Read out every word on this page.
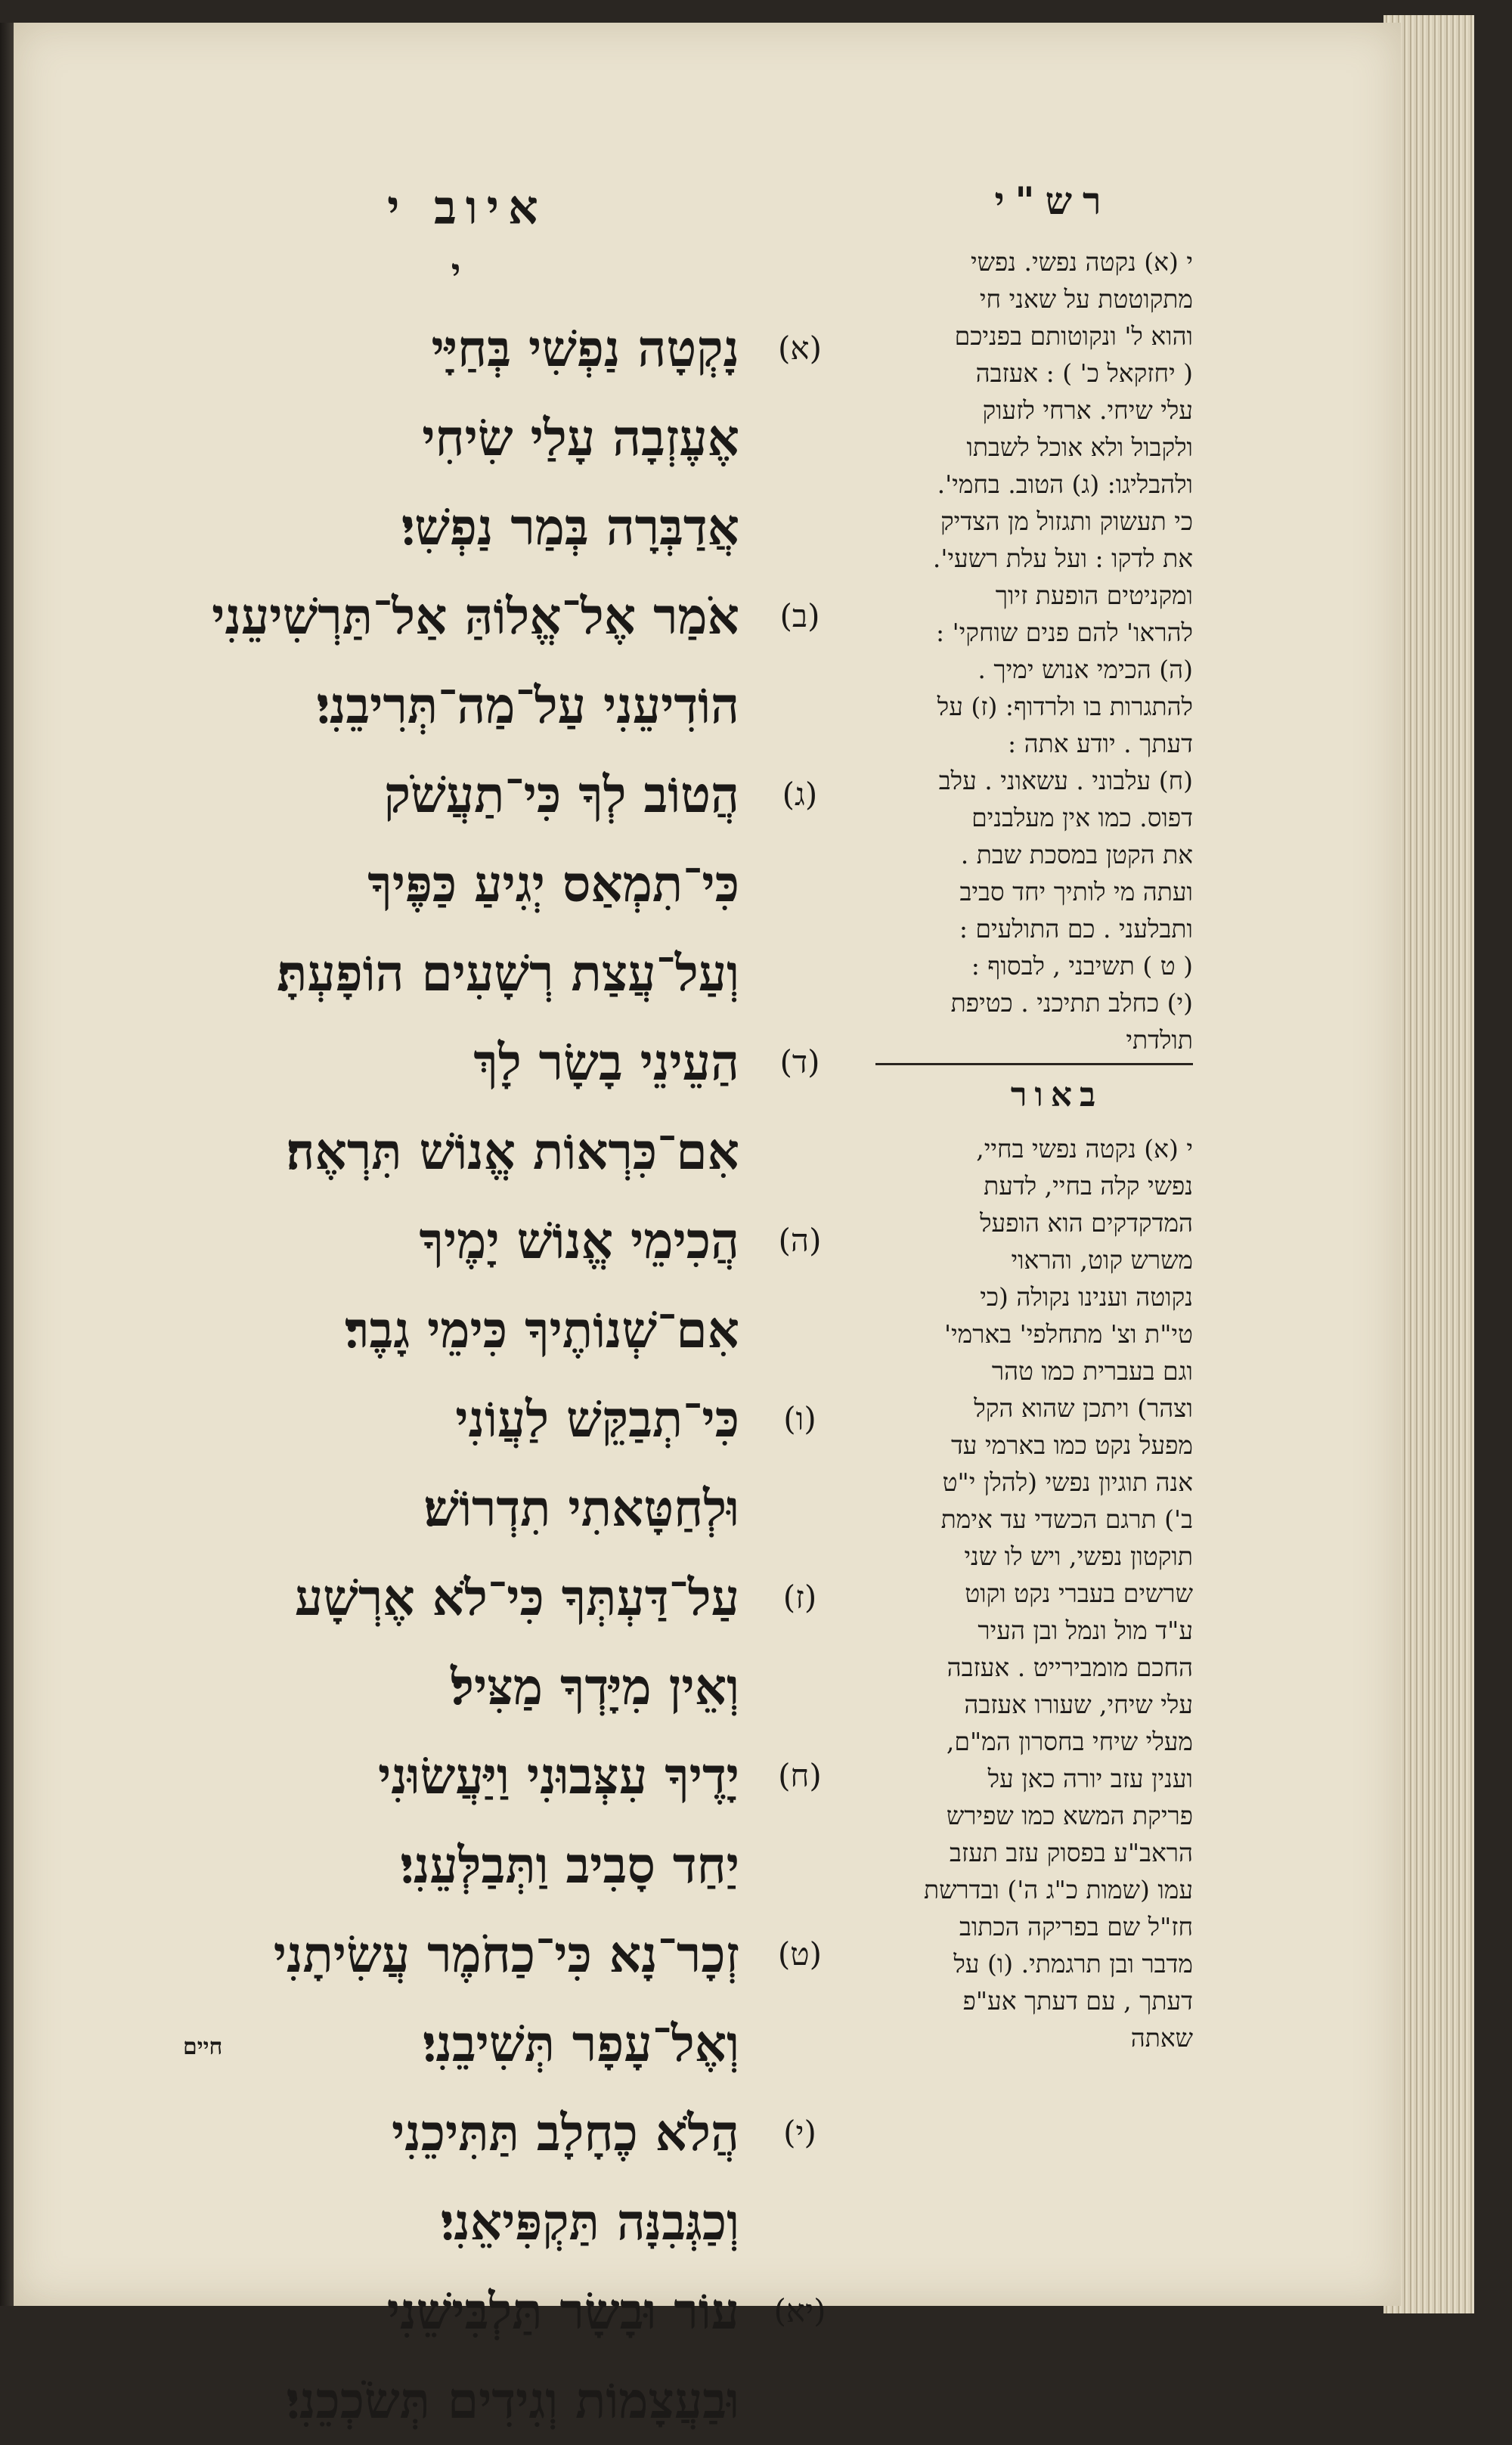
איוב י
י
(א)
נָקְטָה נַפְשִׁי בְּחַיָּי
אֶעֶזְבָה עָלַי שִׂיחִי
אֲדַבְּרָה בְּמַר נַפְשִׁי׃
(ב)
אֹמַר אֶל־אֱלוֹהַּ אַל־תַּרְשִׁיעֵנִי
הוֹדִיעֵנִי עַל־מַה־תְּרִיבֵנִי׃
(ג)
הֲטוֹב לְךָ כִּי־תַעֲשֹׁק
כִּי־תִמְאַס יְגִיעַ כַּפֶּיךָ
וְעַל־עֲצַת רְשָׁעִים הוֹפָעְתָּ׃
(ד)
הַעֵינֵי בָשָׂר לָךְ
אִם־כִּרְאוֹת אֱנוֹשׁ תִּרְאֶה׃
(ה)
הֲכִימֵי אֱנוֹשׁ יָמֶיךָ
אִם־שְׁנוֹתֶיךָ כִּימֵי גָבֶר׃
(ו)
כִּי־תְבַקֵּשׁ לַעֲוֹנִי
וּלְחַטָּאתִי תִדְרוֹשׁ׃
(ז)
עַל־דַּעְתְּךָ כִּי־לֹא אֶרְשָׁע
וְאֵין מִיָּדְךָ מַצִּיל׃
(ח)
יָדֶיךָ עִצְּבוּנִי וַיַּעֲשׂוּנִי
יַחַד סָבִיב וַתְּבַלְּעֵנִי׃
(ט)
זְכָר־נָא כִּי־כַחֹמֶר עֲשִׂיתָנִי
וְאֶל־עָפָר תְּשִׁיבֵנִי׃
(י)
הֲלֹא כֶחָלָב תַּתִּיכֵנִי
וְכַגְּבִנָּה תַּקְפִּיאֵנִי׃
(יא)
עוֹר וּבָשָׂר תַּלְבִּישֵׁנִי
וּבַעֲצָמוֹת וְגִידִים תְּשֹׂכְכֵנִי׃
רש"י
י (א) נקטה נפשי. נפשי
מתקוטטת על שאני חי
והוא ל' ונקוטותם בפניכם
( יחזקאל כ' ) : אעזבה
עלי שיחי. ארחי לזעוק
ולקבול ולא אוכל לשבתו
ולהבליגו: (ג) הטוב. בחמי'.
כי תעשוק ותגזול מן הצדיק
את לדקו : ועל עלת רשעי'.
ומקניטים הופעת זיוך
להראו' להם פנים שוחקי' :
(ה) הכימי אנוש ימיך .
להתגרות בו ולרדוף: (ז) על
דעתך . יודע אתה :
(ח) עלבוני . עשאוני . עלב
דפוס. כמו אין מעלבנים
את הקטן במסכת שבת .
ועתה מ‫י‬ לותיך יחד סביב
ותבלעני . כם התולעים :
( ט ) תשיבני , לבסוף :
(י) כחלב תתיכני . כטיפת
תולדתי
באור
י (א) נקטה נפשי בחיי,
נפשי קלה בחיי, לדעת
המדקדקים הוא הופעל
משרש קוט, והראוי
נקוטה וענינו נקולה (כי
טי"ת וצ' מתחלפי' בארמי'
וגם בעברית כמו טהר
וצהר) ויתכן שהוא הקל
מפעל נקט כמו בארמי עד
אנה תוגיון נפשי (להלן י"ט
ב') תרגם הכשדי עד אימת
תוקטון נפשי, ויש לו שני
שרשים בעברי נקט וקוט
ע"ד מול ונמל ובן העיר
החכם מומבירייט . אעזבה
עלי שיחי, שעורו אעזבה
מעלי שיחי בחסרון המ"ם,
וענין עזב יורה כאן על
פריקת המשא כמו שפירש
הראב"ע בפסוק עזב תעזב
עמו (שמות כ"ג ה') ובדרשת
חז"ל שם בפריקה הכתוב
מדבר ובן תרגמתי. (ו) על
דעתך , עם דעתך אע"פ
שאתה
חיים
